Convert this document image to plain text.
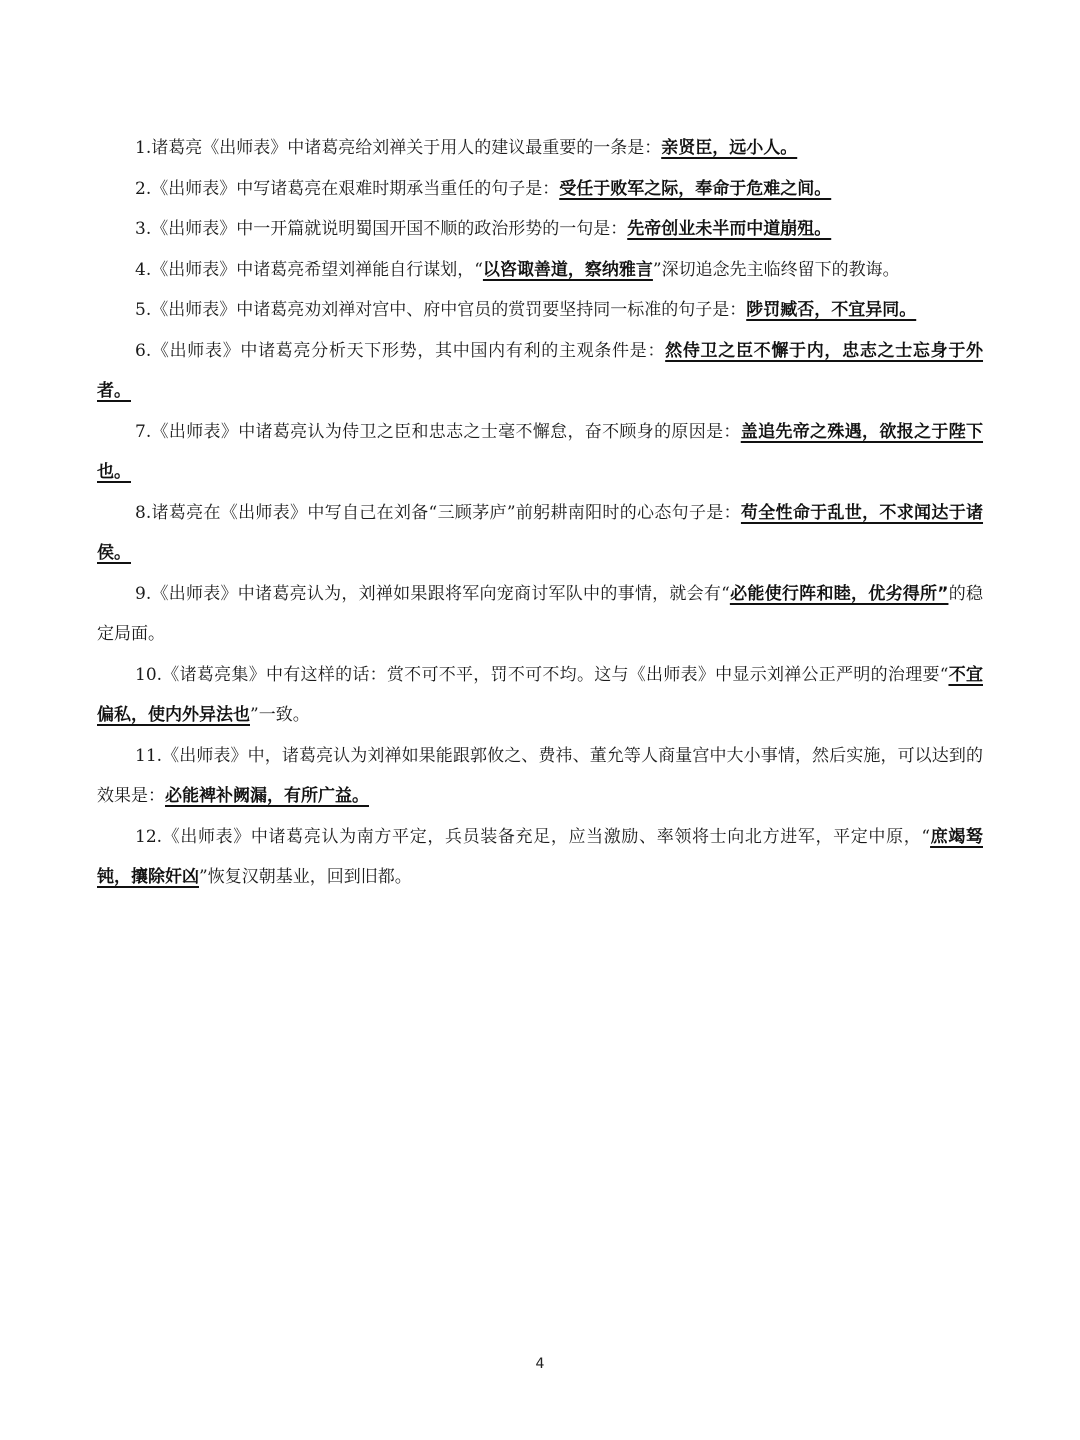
1.诸葛亮《出师表》中诸葛亮给刘禅关于用人的建议最重要的一条是：亲贤臣，远小人。

2.《出师表》中写诸葛亮在艰难时期承当重任的句子是：受任于败军之际，奉命于危难之间。

3.《出师表》中一开篇就说明蜀国开国不顺的政治形势的一句是：先帝创业未半而中道崩殂。

4.《出师表》中诸葛亮希望刘禅能自行谋划，“以咨诹善道，察纳雅言”深切追念先主临终留下的教诲。

5.《出师表》中诸葛亮劝刘禅对宫中、府中官员的赏罚要坚持同一标准的句子是：陟罚臧否，不宜异同。

6.《出师表》中诸葛亮分析天下形势，其中国内有利的主观条件是：然侍卫之臣不懈于内，忠志之士忘身于外者。

7.《出师表》中诸葛亮认为侍卫之臣和忠志之士毫不懈怠，奋不顾身的原因是：盖追先帝之殊遇，欲报之于陛下也。

8.诸葛亮在《出师表》中写自己在刘备“三顾茅庐”前躬耕南阳时的心态句子是：苟全性命于乱世，不求闻达于诸侯。

9.《出师表》中诸葛亮认为，刘禅如果跟将军向宠商讨军队中的事情，就会有“必能使行阵和睦，优劣得所”的稳定局面。

10.《诸葛亮集》中有这样的话：赏不可不平，罚不可不均。这与《出师表》中显示刘禅公正严明的治理要“不宜偏私，使内外异法也”一致。

11.《出师表》中，诸葛亮认为刘禅如果能跟郭攸之、费祎、董允等人商量宫中大小事情，然后实施，可以达到的效果是：必能裨补阙漏，有所广益。

12.《出师表》中诸葛亮认为南方平定，兵员装备充足，应当激励、率领将士向北方进军，平定中原，“庶竭驽钝，攘除奸凶”恢复汉朝基业，回到旧都。

4
